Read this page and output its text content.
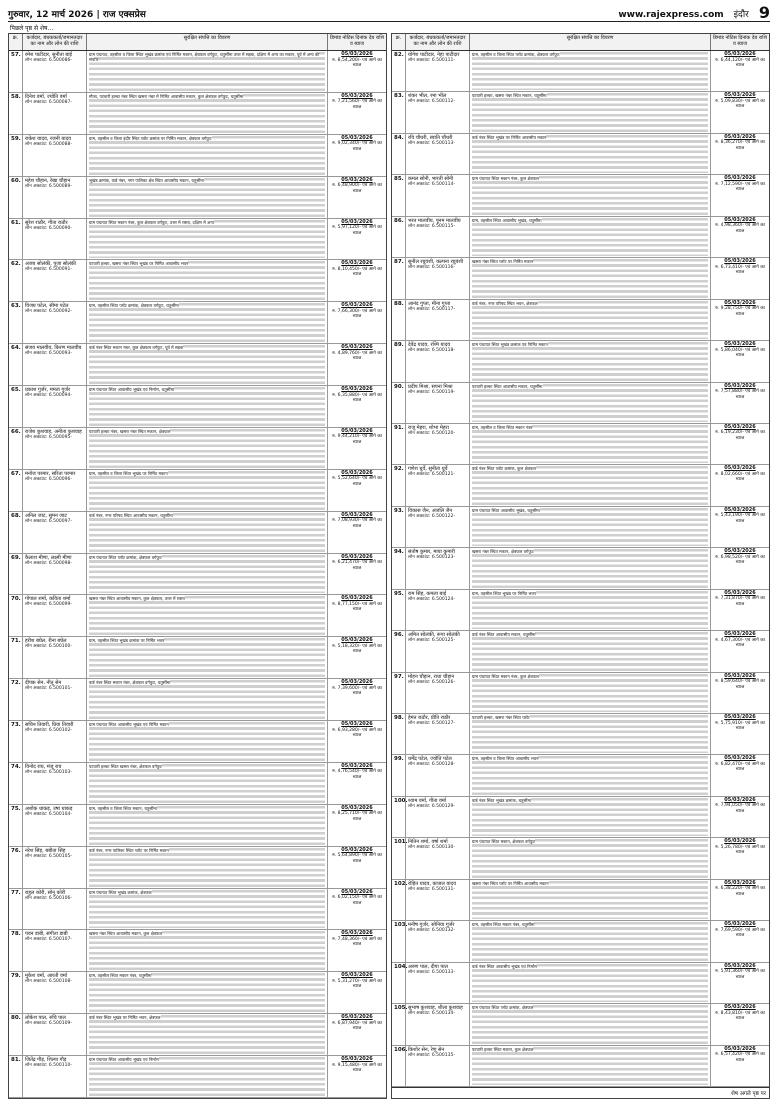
गुरुवार, 12 मार्च 2026 | राज एक्सप्रेस	www.rajexpress.com इंदौर 9
पिछले पृष्ठ से शेष...
क्र.	कर्जदार, बंधककर्ता/जमानतदार का नाम और लोन की राशि
सुरक्षित संपत्ति का विवरण	डिमांड नोटिस दिनांक देय राशि व ब्याज
57. रमेश पाटीदार, सुनीता बाई
लोन अकाउंट: 6.500086-
ग्राम पंचायत, तहसील व जिला स्थित भूखंड क्रमांक एवं निर्मित मकान, क्षेत्रफल वर्गफुट, चतुर्सीमा उत्तर में सड़क, दक्षिण में अन्य का मकान, पूर्व में अन्य की संपत्ति
05/03/2026
रु. 8,54,200/- एवं आगे का ब्याज
58. दिनेश वर्मा, ज्योति वर्मा
लोन अकाउंट: 6.500087-
मौजा, पटवारी हल्का नंबर स्थित खसरा नंबर में निर्मित आवासीय मकान, कुल क्षेत्रफल वर्गफुट, चतुर्सीमा	05/03/2026
रु. 7,21,560/- एवं आगे का ब्याज
59. राकेश यादव, रजनी यादव
लोन अकाउंट: 6.500088-
ग्राम, तहसील व जिला इंदौर स्थित प्लॉट क्रमांक पर निर्मित मकान, क्षेत्रफल वर्गफुट	05/03/2026
रु. 9,02,340/- एवं आगे का ब्याज
60. महेश चौहान, रेखा चौहान
लोन अकाउंट: 6.500089-
भूखंड क्रमांक, वार्ड नंबर, नगर पालिका क्षेत्र स्थित आवासीय मकान, चतुर्सीमा	05/03/2026
रु. 6,48,900/- एवं आगे का ब्याज
61. सुरेश राठौर, गीता राठौर
लोन अकाउंट: 6.500090-
ग्राम पंचायत स्थित मकान नंबर, कुल क्षेत्रफल वर्गफुट, उत्तर में रास्ता, दक्षिण में अन्य	05/03/2026
रु. 5,97,120/- एवं आगे का ब्याज
62. अजय सोलंकी, पूजा सोलंकी
लोन अकाउंट: 6.500091-
पटवारी हल्का, खसरा नंबर स्थित भूखंड पर निर्मित आवासीय भवन	05/03/2026
रु. 8,10,450/- एवं आगे का ब्याज
63. विजय पटेल, सीमा पटेल
लोन अकाउंट: 6.500092-
ग्राम, तहसील स्थित प्लॉट क्रमांक, क्षेत्रफल वर्गफुट, चतुर्सीमा	05/03/2026
रु. 7,66,300/- एवं आगे का ब्याज
64. संजय मालवीय, किरण मालवीय
लोन अकाउंट: 6.500093-
वार्ड नंबर स्थित मकान नंबर, कुल क्षेत्रफल वर्गफुट, पूर्व में सड़क	05/03/2026
रु. 4,89,760/- एवं आगे का ब्याज
65. प्रकाश गुर्जर, ममता गुर्जर
लोन अकाउंट: 6.500094-
ग्राम पंचायत स्थित आवासीय भूखंड एवं निर्माण, चतुर्सीमा	05/03/2026
रु. 6,35,880/- एवं आगे का ब्याज
66. राजेश कुशवाह, अनीता कुशवाह
लोन अकाउंट: 6.500095-
पटवारी हल्का नंबर, खसरा नंबर स्थित मकान, क्षेत्रफल	05/03/2026
रु. 9,44,210/- एवं आगे का ब्याज
67. मनोज परमार, सरिता परमार
लोन अकाउंट: 6.500096-
ग्राम, तहसील व जिला स्थित भूखंड पर निर्मित मकान	05/03/2026
रु. 5,52,640/- एवं आगे का ब्याज
68. अनिल जाट, सुमन जाट
लोन अकाउंट: 6.500097-
वार्ड नंबर, नगर परिषद स्थित आवासीय मकान, चतुर्सीमा	05/03/2026
रु. 7,08,930/- एवं आगे का ब्याज
69. कैलाश मीणा, लक्ष्मी मीणा
लोन अकाउंट: 6.500098-
ग्राम पंचायत स्थित प्लॉट क्रमांक, क्षेत्रफल वर्गफुट	05/03/2026
रु. 6,21,470/- एवं आगे का ब्याज
70. गोपाल शर्मा, कविता शर्मा
लोन अकाउंट: 6.500099-
खसरा नंबर स्थित आवासीय मकान, कुल क्षेत्रफल, उत्तर में रास्ता	05/03/2026
रु. 8,77,150/- एवं आगे का ब्याज
71. हरीश बघेल, रीना बघेल
लोन अकाउंट: 6.500100-
ग्राम, तहसील स्थित भूखंड क्रमांक पर निर्मित भवन	05/03/2026
रु. 5,18,320/- एवं आगे का ब्याज
72. दीपक सेन, नीतू सेन
लोन अकाउंट: 6.500101-
वार्ड नंबर स्थित मकान नंबर, क्षेत्रफल वर्गफुट, चतुर्सीमा	05/03/2026
रु. 7,39,600/- एवं आगे का ब्याज
73. सचिन तिवारी, प्रिया तिवारी
लोन अकाउंट: 6.500102-
ग्राम पंचायत स्थित आवासीय भूखंड एवं निर्मित मकान	05/03/2026
रु. 6,93,280/- एवं आगे का ब्याज
74. विनोद राय, मंजू राय
लोन अकाउंट: 6.500103-
पटवारी हल्का स्थित खसरा नंबर, क्षेत्रफल वर्गफुट	05/03/2026
रु. 4,76,540/- एवं आगे का ब्याज
75. अशोक धाकड़, उषा धाकड़
लोन अकाउंट: 6.500104-
ग्राम, तहसील व जिला स्थित मकान, चतुर्सीमा	05/03/2026
रु. 8,25,710/- एवं आगे का ब्याज
76. नरेश सिंह, बबीता सिंह
लोन अकाउंट: 6.500105-
वार्ड नंबर, नगर पालिका स्थित प्लॉट पर निर्मित मकान	05/03/2026
रु. 5,64,890/- एवं आगे का ब्याज
77. राहुल कोरी, सोनू कोरी
लोन अकाउंट: 6.500106-
ग्राम पंचायत स्थित भूखंड क्रमांक, क्षेत्रफल	05/03/2026
रु. 6,02,150/- एवं आगे का ब्याज
78. पवन डाबी, संगीता डाबी
लोन अकाउंट: 6.500107-
खसरा नंबर स्थित आवासीय मकान, कुल क्षेत्रफल	05/03/2026
रु. 7,48,360/- एवं आगे का ब्याज
79. मुकेश वर्मा, आरती वर्मा
लोन अकाउंट: 6.500108-
ग्राम, तहसील स्थित मकान नंबर, चतुर्सीमा	05/03/2026
रु. 5,31,270/- एवं आगे का ब्याज
80. लोकेश पाल, रुचि पाल
लोन अकाउंट: 6.500109-
वार्ड नंबर स्थित भूखंड पर निर्मित भवन, क्षेत्रफल	05/03/2026
रु. 6,87,940/- एवं आगे का ब्याज
81. जितेंद्र गौड़, शिल्पा गौड़
लोन अकाउंट: 6.500110-
ग्राम पंचायत स्थित आवासीय भूखंड एवं निर्माण	05/03/2026
रु. 9,15,480/- एवं आगे का ब्याज
क्र.	कर्जदार, बंधककर्ता/जमानतदार का नाम और लोन की राशि
सुरक्षित संपत्ति का विवरण	डिमांड नोटिस दिनांक देय राशि व ब्याज
82. योगेश पाटीदार, नेहा पाटीदार
लोन अकाउंट: 6.500111-
ग्राम, तहसील व जिला स्थित प्लॉट क्रमांक, क्षेत्रफल वर्गफुट	05/03/2026
रु. 6,44,120/- एवं आगे का ब्याज
83. शंकर भील, रमा भील
लोन अकाउंट: 6.500112-
पटवारी हल्का, खसरा नंबर स्थित मकान, चतुर्सीमा	05/03/2026
रु. 5,09,830/- एवं आगे का ब्याज
84. रवि चौधरी, स्वाति चौधरी
लोन अकाउंट: 6.500113-
वार्ड नंबर स्थित भूखंड पर निर्मित आवासीय मकान	05/03/2026
रु. 8,36,270/- एवं आगे का ब्याज
85. कमल सोनी, भारती सोनी
लोन अकाउंट: 6.500114-
ग्राम पंचायत स्थित मकान नंबर, कुल क्षेत्रफल	05/03/2026
रु. 7,12,590/- एवं आगे का ब्याज
86. भरत मालवीय, पूनम मालवीय
लोन अकाउंट: 6.500115-
ग्राम, तहसील स्थित आवासीय भूखंड, चतुर्सीमा	05/03/2026
रु. 4,98,360/- एवं आगे का ब्याज
87. सुनील रघुवंशी, कल्पना रघुवंशी
लोन अकाउंट: 6.500116-
खसरा नंबर स्थित प्लॉट पर निर्मित मकान	05/03/2026
रु. 6,73,410/- एवं आगे का ब्याज
88. आनंद गुप्ता, मीना गुप्ता
लोन अकाउंट: 6.500117-
वार्ड नंबर, नगर परिषद स्थित भवन, क्षेत्रफल	05/03/2026
रु. 9,28,750/- एवं आगे का ब्याज
89. देवेंद्र यादव, रश्मि यादव
लोन अकाउंट: 6.500118-
ग्राम पंचायत स्थित भूखंड क्रमांक एवं निर्मित मकान	05/03/2026
रु. 5,86,040/- एवं आगे का ब्याज
90. प्रदीप मिश्रा, सपना मिश्रा
लोन अकाउंट: 6.500119-
पटवारी हल्का स्थित आवासीय मकान, चतुर्सीमा	05/03/2026
रु. 7,57,880/- एवं आगे का ब्याज
91. राजू मेहरा, शोभा मेहरा
लोन अकाउंट: 6.500120-
ग्राम, तहसील व जिला स्थित मकान नंबर	05/03/2026
रु. 6,19,230/- एवं आगे का ब्याज
92. गणेश धुर्वे, सुनीता धुर्वे
लोन अकाउंट: 6.500121-
वार्ड नंबर स्थित प्लॉट क्रमांक, कुल क्षेत्रफल	05/03/2026
रु. 8,02,660/- एवं आगे का ब्याज
93. विकास जैन, अंजलि जैन
लोन अकाउंट: 6.500122-
ग्राम पंचायत स्थित आवासीय भूखंड, चतुर्सीमा	05/03/2026
रु. 5,43,190/- एवं आगे का ब्याज
94. संतोष कुमार, माया कुमारी
लोन अकाउंट: 6.500123-
खसरा नंबर स्थित मकान, क्षेत्रफल वर्गफुट	05/03/2026
रु. 6,98,520/- एवं आगे का ब्याज
95. राम सिंह, कमला बाई
लोन अकाउंट: 6.500124-
ग्राम, तहसील स्थित भूखंड पर निर्मित भवन	05/03/2026
रु. 7,31,870/- एवं आगे का ब्याज
96. अमित सोलंकी, रूपा सोलंकी
लोन अकाउंट: 6.500125-
वार्ड नंबर स्थित आवासीय मकान, चतुर्सीमा	05/03/2026
रु. 4,67,300/- एवं आगे का ब्याज
97. मोहन चौहान, राधा चौहान
लोन अकाउंट: 6.500126-
ग्राम पंचायत स्थित मकान नंबर, कुल क्षेत्रफल	05/03/2026
रु. 8,59,640/- एवं आगे का ब्याज
98. हेमंत राठौर, प्रीति राठौर
लोन अकाउंट: 6.500127-
पटवारी हल्का, खसरा नंबर स्थित प्लॉट	05/03/2026
रु. 5,75,910/- एवं आगे का ब्याज
99. धर्मेंद्र पटेल, ज्योति पटेल
लोन अकाउंट: 6.500128-
ग्राम, तहसील व जिला स्थित आवासीय भवन	05/03/2026
रु. 6,82,470/- एवं आगे का ब्याज
100. श्याम वर्मा, गीता वर्मा
लोन अकाउंट: 6.500129-
वार्ड नंबर स्थित भूखंड क्रमांक, चतुर्सीमा	05/03/2026
रु. 7,94,050/- एवं आगे का ब्याज
101. नितिन शर्मा, वर्षा शर्मा
लोन अकाउंट: 6.500130-
ग्राम पंचायत स्थित मकान, क्षेत्रफल वर्गफुट	05/03/2026
रु. 5,26,780/- एवं आगे का ब्याज
102. रोहित यादव, काजल यादव
लोन अकाउंट: 6.500131-
खसरा नंबर स्थित प्लॉट पर निर्मित आवासीय मकान	05/03/2026
रु. 6,38,220/- एवं आगे का ब्याज
103. मनीष गुर्जर, सोनिया गुर्जर
लोन अकाउंट: 6.500132-
ग्राम, तहसील स्थित मकान नंबर, चतुर्सीमा	05/03/2026
रु. 7,69,590/- एवं आगे का ब्याज
104. अरुण पाल, दीपा पाल
लोन अकाउंट: 6.500133-
वार्ड नंबर स्थित आवासीय भूखंड एवं निर्माण	05/03/2026
रु. 5,91,360/- एवं आगे का ब्याज
105. सुभाष कुशवाह, शीला कुशवाह
लोन अकाउंट: 6.500134-
ग्राम पंचायत स्थित प्लॉट क्रमांक, क्षेत्रफल	05/03/2026
रु. 8,43,810/- एवं आगे का ब्याज
106. किशोर सेन, रेणु सेन
लोन अकाउंट: 6.500135-
पटवारी हल्का स्थित मकान, कुल क्षेत्रफल	05/03/2026
रु. 6,57,420/- एवं आगे का ब्याज
शेष अगले पृष्ठ पर
